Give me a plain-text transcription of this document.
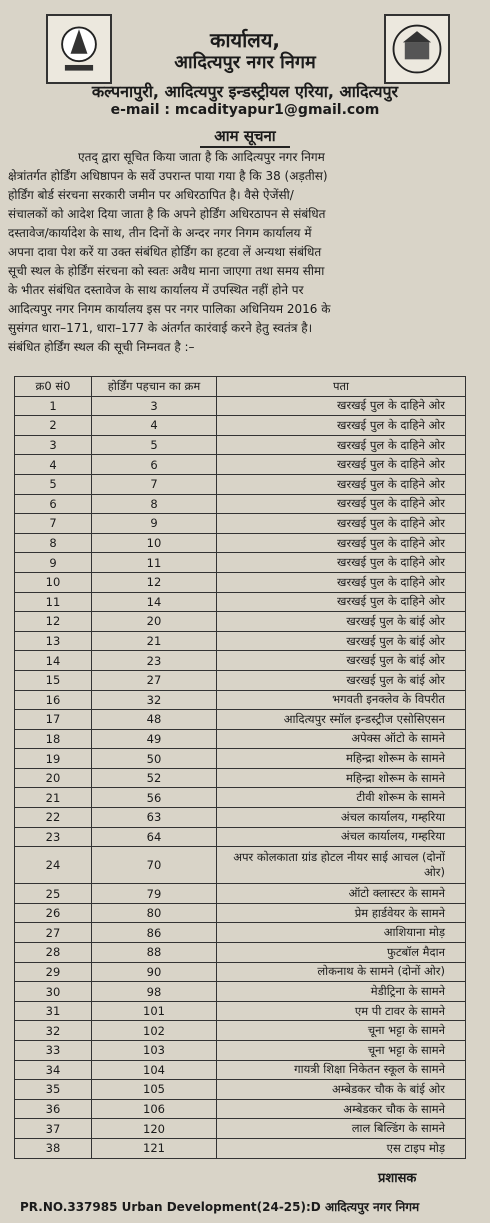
कार्यालय,
आदित्यपुर नगर निगम
कल्पनापुरी, आदित्यपुर इन्डस्ट्रीयल एरिया, आदित्यपुर
e-mail : mcadityapur1@gmail.com
आम सूचना
एतद् द्वारा सूचित किया जाता है कि आदित्यपुर नगर निगम
क्षेत्रांतर्गत होर्डिंग अधिष्ठापन के सर्वे उपरान्त पाया गया है कि 38 (अड़तीस)
होर्डिंग बोर्ड संरचना सरकारी जमीन पर अधिरठापित है। वैसे ऐजेंसी/
संचालकों को आदेश दिया जाता है कि अपने होर्डिंग अधिरठापन से संबंधित
दस्तावेज/कार्यादेश के साथ, तीन दिनों के अन्दर नगर निगम कार्यालय में
अपना दावा पेश करें या उक्त संबंधित होर्डिंग का हटवा लें अन्यथा संबंधित
सूची स्थल के होर्डिंग संरचना को स्वतः अवैध माना जाएगा तथा समय सीमा
के भीतर संबंधित दस्तावेज के साथ कार्यालय में उपस्थित नहीं होने पर
आदित्यपुर नगर निगम कार्यालय इस पर नगर पालिका अधिनियम 2016 के
सुसंगत धारा–171, धारा–177 के अंतर्गत कारंवाई करने हेतु स्वतंत्र है।
संबंधित होर्डिंग स्थल की सूची निम्नवत है :–
क्र0 सं0	होर्डिंग पहचान का क्रम	पता
1	3	खरखई पुल के दाहिने ओर
2	4	खरखई पुल के दाहिने ओर
3	5	खरखई पुल के दाहिने ओर
4	6	खरखई पुल के दाहिने ओर
5	7	खरखई पुल के दाहिने ओर
6	8	खरखई पुल के दाहिने ओर
7	9	खरखई पुल के दाहिने ओर
8	10	खरखई पुल के दाहिने ओर
9	11	खरखई पुल के दाहिने ओर
10	12	खरखई पुल के दाहिने ओर
11	14	खरखई पुल के दाहिने ओर
12	20	खरखई पुल के बांई ओर
13	21	खरखई पुल के बांई ओर
14	23	खरखई पुल के बांई ओर
15	27	खरखई पुल के बांई ओर
16	32	भगवती इनक्लेव के विपरीत
17	48	आदित्यपुर स्मॉल इन्डस्ट्रीज एसोसिएसन
18	49	अपेक्स ऑटो के सामने
19	50	महिन्द्रा शोरूम के सामने
20	52	महिन्द्रा शोरूम के सामने
21	56	टीवी शोरूम के सामने
22	63	अंचल कार्यालय, गम्हरिया
23	64	अंचल कार्यालय, गम्हरिया
24	70	अपर कोलकाता ग्रांड होटल नीयर साई आचल (दोनों ओर)
25	79	ऑटो क्लास्टर के सामने
26	80	प्रेम हार्डवेयर के सामने
27	86	आशियाना मोड़
28	88	फुटबॉल मैदान
29	90	लोकनाथ के सामने (दोनों ओर)
30	98	मेडीट्रिना के सामने
31	101	एम पी टावर के सामने
32	102	चूना भट्टा के सामने
33	103	चूना भट्टा के सामने
34	104	गायत्री शिक्षा निकेतन स्कूल के सामने
35	105	अम्बेडकर चौक के बांई ओर
36	106	अम्बेडकर चौक के सामने
37	120	लाल बिल्डिंग के सामने
38	121	एस टाइप मोड़
प्रशासक
PR.NO.337985 Urban Development(24-25):D आदित्यपुर नगर निगम
